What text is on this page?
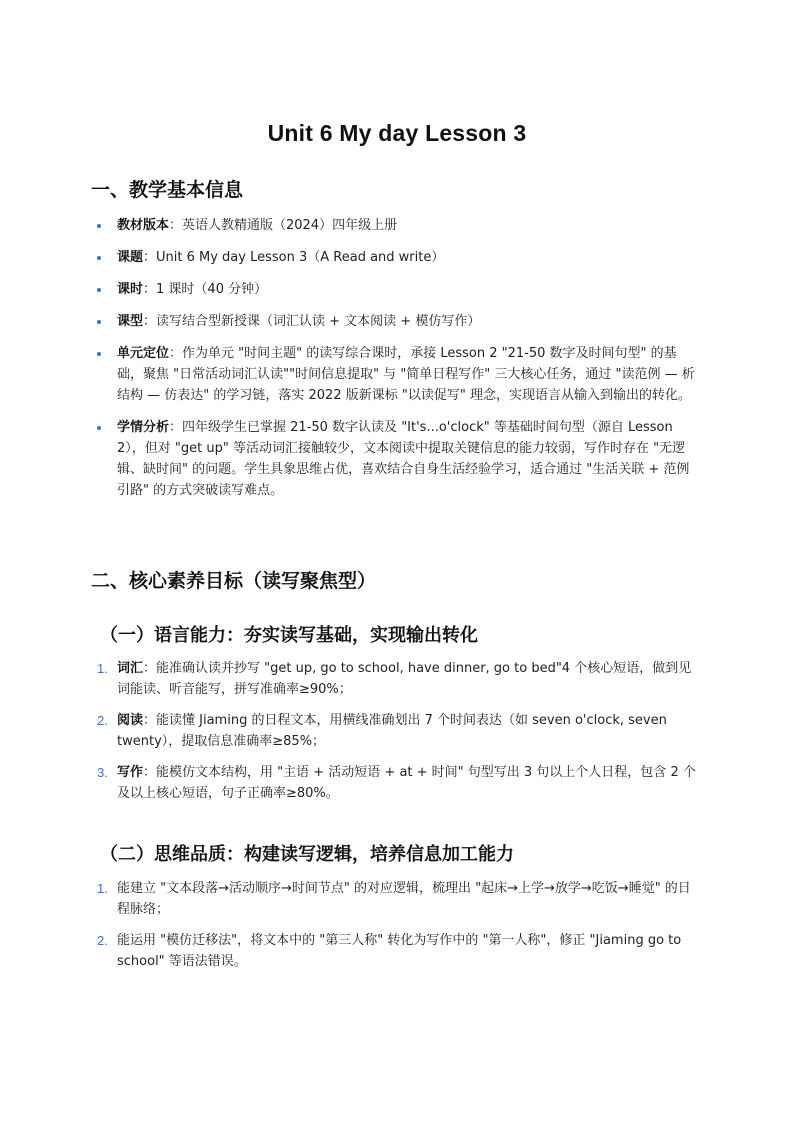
Unit 6 My day Lesson 3
一、教学基本信息
教材版本：英语人教精通版（2024）四年级上册
课题：Unit 6 My day Lesson 3（A Read and write）
课时：1 课时（40 分钟）
课型：读写结合型新授课（词汇认读 + 文本阅读 + 模仿写作）
单元定位：作为单元 "时间主题" 的读写综合课时，承接 Lesson 2 "21-50 数字及时间句型" 的基础，聚焦 "日常活动词汇认读""时间信息提取" 与 "简单日程写作" 三大核心任务，通过 "读范例 — 析结构 — 仿表达" 的学习链，落实 2022 版新课标 "以读促写" 理念，实现语言从输入到输出的转化。
学情分析：四年级学生已掌握 21-50 数字认读及 "It's...o'clock" 等基础时间句型（源自 Lesson 2），但对 "get up" 等活动词汇接触较少，文本阅读中提取关键信息的能力较弱，写作时存在 "无逻辑、缺时间" 的问题。学生具象思维占优，喜欢结合自身生活经验学习，适合通过 "生活关联 + 范例引路" 的方式突破读写难点。
二、核心素养目标（读写聚焦型）
（一）语言能力：夯实读写基础，实现输出转化
1. 词汇：能准确认读并抄写 "get up, go to school, have dinner, go to bed"4 个核心短语，做到见词能读、听音能写，拼写准确率≥90%；
2. 阅读：能读懂 Jiaming 的日程文本，用横线准确划出 7 个时间表达（如 seven o'clock, seven twenty），提取信息准确率≥85%；
3. 写作：能模仿文本结构，用 "主语 + 活动短语 + at + 时间" 句型写出 3 句以上个人日程，包含 2 个及以上核心短语，句子正确率≥80%。
（二）思维品质：构建读写逻辑，培养信息加工能力
1. 能建立 "文本段落→活动顺序→时间节点" 的对应逻辑，梳理出 "起床→上学→放学→吃饭→睡觉" 的日程脉络；
2. 能运用 "模仿迁移法"，将文本中的 "第三人称" 转化为写作中的 "第一人称"，修正 "Jiaming go to school" 等语法错误。
